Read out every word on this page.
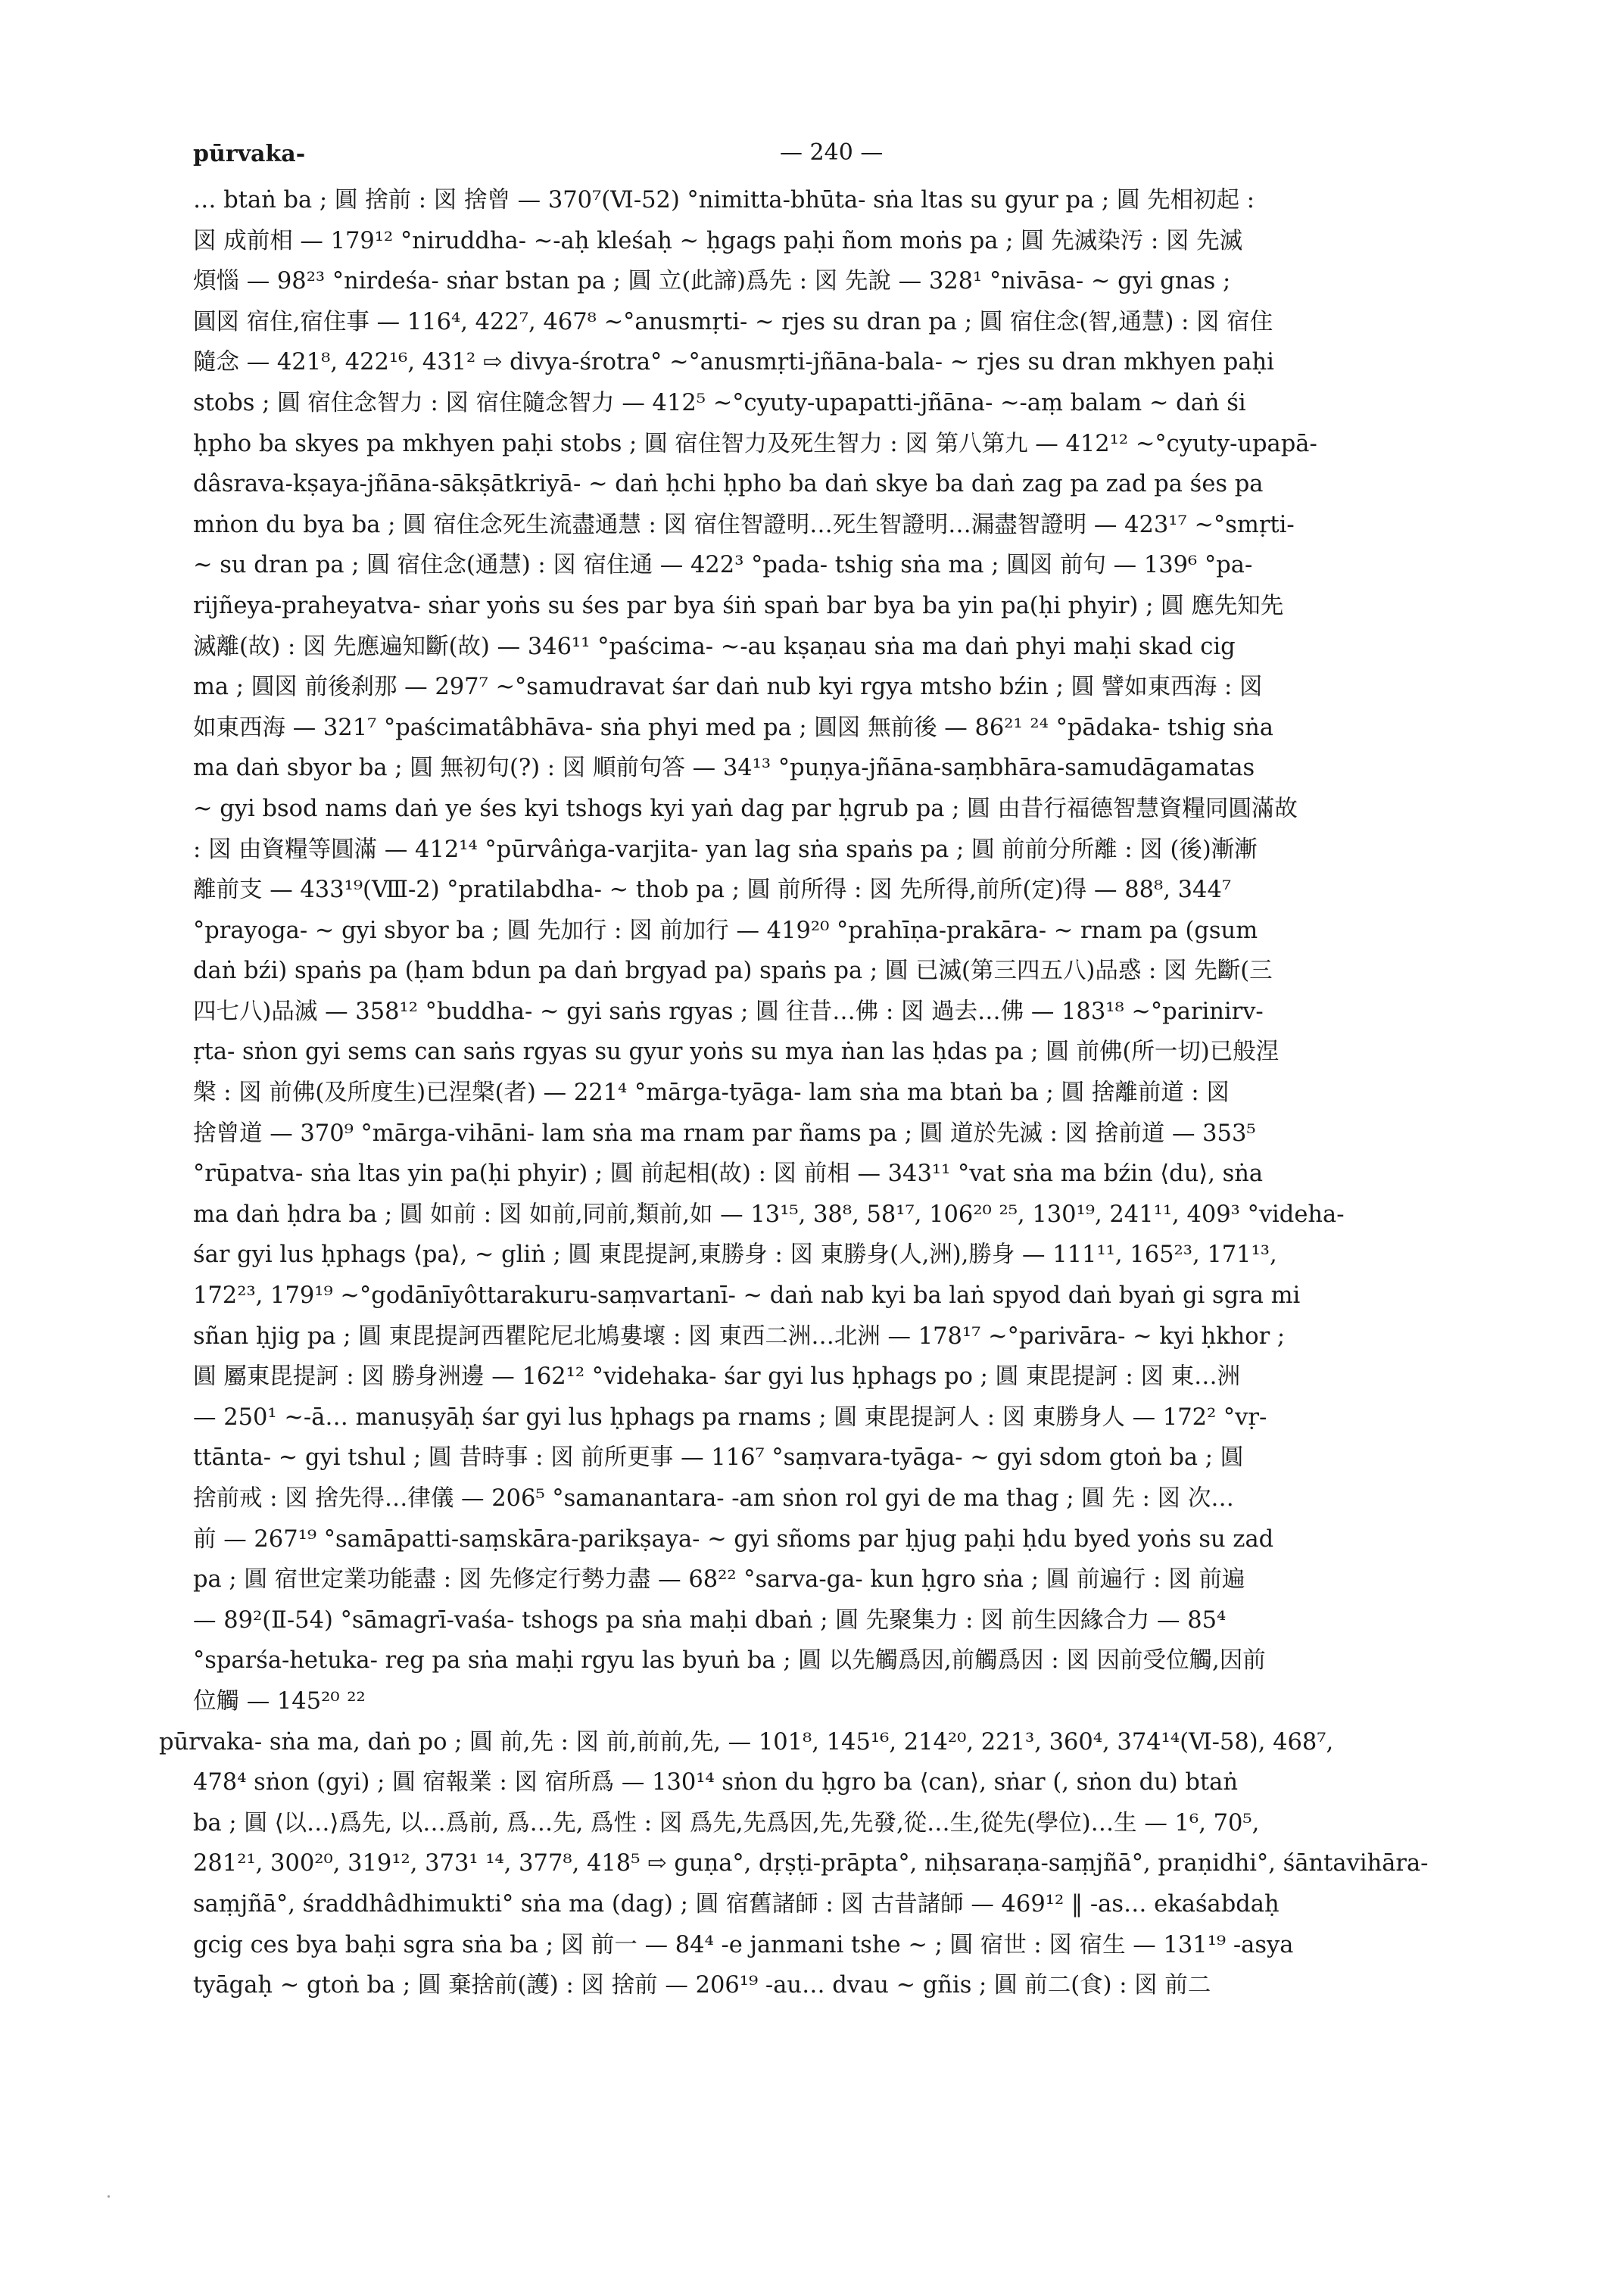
pūrvaka-	— 240 —
… btaṅ ba ; 圓 捨前 : 図 捨曾 — 370⁷(Ⅵ-52) °nimitta-bhūta- sṅa ltas su gyur pa ; 圓 先相初起 :
図 成前相 — 179¹² °niruddha- ~-aḥ kleśaḥ ~ ḥgags paḥi ñom moṅs pa ; 圓 先滅染汚 : 図 先滅
煩惱 — 98²³ °nirdeśa- sṅar bstan pa ; 圓 立(此諦)爲先 : 図 先說 — 328¹ °nivāsa- ~ gyi gnas ;
圓図 宿住,宿住事 — 116⁴, 422⁷, 467⁸ ~°anusmṛti- ~ rjes su dran pa ; 圓 宿住念(智,通慧) : 図 宿住
隨念 — 421⁸, 422¹⁶, 431² ⇨ divya-śrotra° ~°anusmṛti-jñāna-bala- ~ rjes su dran mkhyen paḥi
stobs ; 圓 宿住念智力 : 図 宿住隨念智力 — 412⁵ ~°cyuty-upapatti-jñāna- ~-aṃ balam ~ daṅ śi
ḥpho ba skyes pa mkhyen paḥi stobs ; 圓 宿住智力及死生智力 : 図 第八第九 — 412¹² ~°cyuty-upapā-
dâsrava-kṣaya-jñāna-sākṣātkriyā- ~ daṅ ḥchi ḥpho ba daṅ skye ba daṅ zag pa zad pa śes pa
mṅon du bya ba ; 圓 宿住念死生流盡通慧 : 図 宿住智證明…死生智證明…漏盡智證明 — 423¹⁷ ~°smṛti-
~ su dran pa ; 圓 宿住念(通慧) : 図 宿住通 — 422³ °pada- tshig sṅa ma ; 圓図 前句 — 139⁶ °pa-
rijñeya-praheyatva- sṅar yoṅs su śes par bya śiṅ spaṅ bar bya ba yin pa(ḥi phyir) ; 圓 應先知先
滅離(故) : 図 先應遍知斷(故) — 346¹¹ °paścima- ~-au kṣaṇau sṅa ma daṅ phyi maḥi skad cig
ma ; 圓図 前後刹那 — 297⁷ ~°samudravat śar daṅ nub kyi rgya mtsho bźin ; 圓 譬如東西海 : 図
如東西海 — 321⁷ °paścimatâbhāva- sṅa phyi med pa ; 圓図 無前後 — 86²¹ ²⁴ °pādaka- tshig sṅa
ma daṅ sbyor ba ; 圓 無初句(?) : 図 順前句答 — 34¹³ °puṇya-jñāna-saṃbhāra-samudāgamatas
~ gyi bsod nams daṅ ye śes kyi tshogs kyi yaṅ dag par ḥgrub pa ; 圓 由昔行福德智慧資糧同圓滿故
: 図 由資糧等圓滿 — 412¹⁴ °pūrvâṅga-varjita- yan lag sṅa spaṅs pa ; 圓 前前分所離 : 図 (後)漸漸
離前支 — 433¹⁹(Ⅷ-2) °pratilabdha- ~ thob pa ; 圓 前所得 : 図 先所得,前所(定)得 — 88⁸, 344⁷
°prayoga- ~ gyi sbyor ba ; 圓 先加行 : 図 前加行 — 419²⁰ °prahīṇa-prakāra- ~ rnam pa (gsum
daṅ bźi) spaṅs pa (ḥam bdun pa daṅ brgyad pa) spaṅs pa ; 圓 已滅(第三四五八)品惑 : 図 先斷(三
四七八)品滅 — 358¹² °buddha- ~ gyi saṅs rgyas ; 圓 往昔…佛 : 図 過去…佛 — 183¹⁸ ~°parinirv-
ṛta- sṅon gyi sems can saṅs rgyas su gyur yoṅs su mya ṅan las ḥdas pa ; 圓 前佛(所一切)已般涅
槃 : 図 前佛(及所度生)已涅槃(者) — 221⁴ °mārga-tyāga- lam sṅa ma btaṅ ba ; 圓 捨離前道 : 図
捨曾道 — 370⁹ °mārga-vihāni- lam sṅa ma rnam par ñams pa ; 圓 道於先滅 : 図 捨前道 — 353⁵
°rūpatva- sṅa ltas yin pa(ḥi phyir) ; 圓 前起相(故) : 図 前相 — 343¹¹ °vat sṅa ma bźin ⟨du⟩, sṅa
ma daṅ ḥdra ba ; 圓 如前 : 図 如前,同前,類前,如 — 13¹⁵, 38⁸, 58¹⁷, 106²⁰ ²⁵, 130¹⁹, 241¹¹, 409³ °videha-
śar gyi lus ḥphags ⟨pa⟩, ~ gliṅ ; 圓 東毘提訶,東勝身 : 図 東勝身(人,洲),勝身 — 111¹¹, 165²³, 171¹³,
172²³, 179¹⁹ ~°godānīyôttarakuru-saṃvartanī- ~ daṅ nab kyi ba laṅ spyod daṅ byaṅ gi sgra mi
sñan ḥjig pa ; 圓 東毘提訶西瞿陀尼北鳩婁壞 : 図 東西二洲…北洲 — 178¹⁷ ~°parivāra- ~ kyi ḥkhor ;
圓 屬東毘提訶 : 図 勝身洲邊 — 162¹² °videhaka- śar gyi lus ḥphags po ; 圓 東毘提訶 : 図 東…洲
— 250¹ ~-ā… manuṣyāḥ śar gyi lus ḥphags pa rnams ; 圓 東毘提訶人 : 図 東勝身人 — 172² °vṛ-
ttānta- ~ gyi tshul ; 圓 昔時事 : 図 前所更事 — 116⁷ °saṃvara-tyāga- ~ gyi sdom gtoṅ ba ; 圓
捨前戒 : 図 捨先得…律儀 — 206⁵ °samanantara- -am sṅon rol gyi de ma thag ; 圓 先 : 図 次…
前 — 267¹⁹ °samāpatti-saṃskāra-parikṣaya- ~ gyi sñoms par ḥjug paḥi ḥdu byed yoṅs su zad
pa ; 圓 宿世定業功能盡 : 図 先修定行勢力盡 — 68²² °sarva-ga- kun ḥgro sṅa ; 圓 前遍行 : 図 前遍
— 89²(Ⅱ-54) °sāmagrī-vaśa- tshogs pa sṅa maḥi dbaṅ ; 圓 先聚集力 : 図 前生因緣合力 — 85⁴
°sparśa-hetuka- reg pa sṅa maḥi rgyu las byuṅ ba ; 圓 以先觸爲因,前觸爲因 : 図 因前受位觸,因前
位觸 — 145²⁰ ²²
pūrvaka- sṅa ma, daṅ po ; 圓 前,先 : 図 前,前前,先, — 101⁸, 145¹⁶, 214²⁰, 221³, 360⁴, 374¹⁴(Ⅵ-58), 468⁷,
478⁴ sṅon (gyi) ; 圓 宿報業 : 図 宿所爲 — 130¹⁴ sṅon du ḥgro ba ⟨can⟩, sṅar (, sṅon du) btaṅ
ba ; 圓 ⟨以…⟩爲先, 以…爲前, 爲…先, 爲性 : 図 爲先,先爲因,先,先發,從…生,從先(學位)…生 — 1⁶, 70⁵,
281²¹, 300²⁰, 319¹², 373¹ ¹⁴, 377⁸, 418⁵ ⇨ guṇa°, dṛṣṭi-prāpta°, niḥsaraṇa-saṃjñā°, praṇidhi°, śāntavihāra-
saṃjñā°, śraddhâdhimukti° sṅa ma (dag) ; 圓 宿舊諸師 : 図 古昔諸師 — 469¹² ‖ -as… ekaśabdaḥ
gcig ces bya baḥi sgra sṅa ba ; 図 前一 — 84⁴ -e janmani tshe ~ ; 圓 宿世 : 図 宿生 — 131¹⁹ -asya
tyāgaḥ ~ gtoṅ ba ; 圓 棄捨前(護) : 図 捨前 — 206¹⁹ -au… dvau ~ gñis ; 圓 前二(食) : 図 前二
